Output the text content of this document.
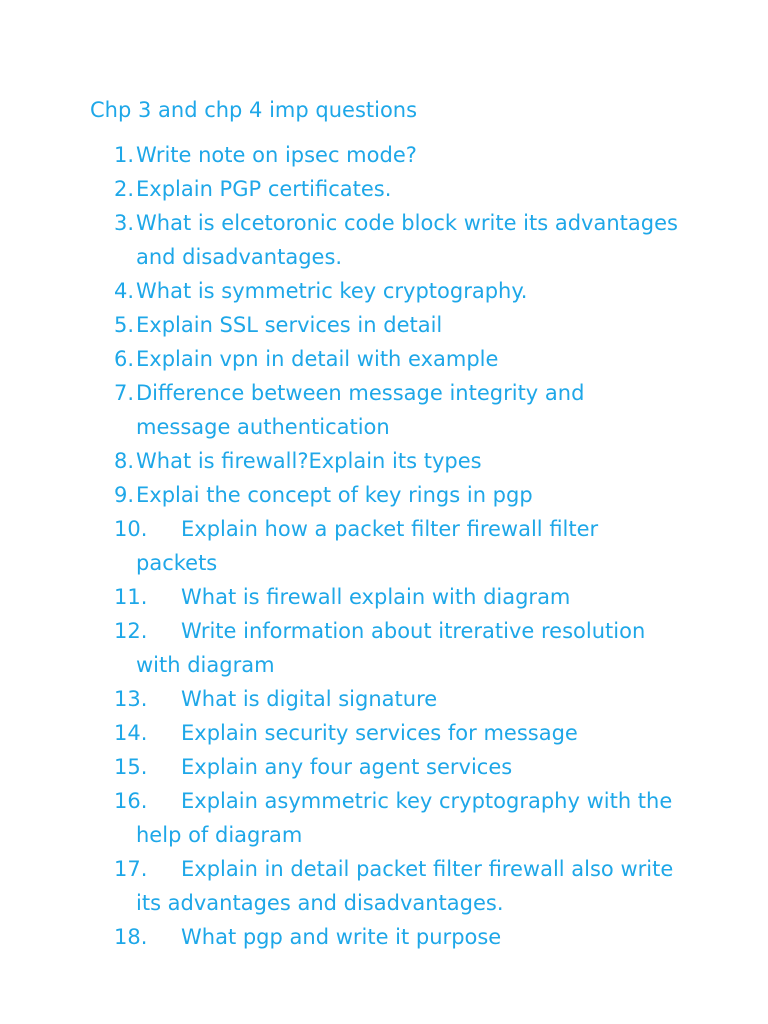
Chp 3 and chp 4 imp questions
1. Write note on ipsec mode?
2. Explain PGP certificates.
3. What is elcetoronic code block write its advantages and disadvantages.
4. What is symmetric key cryptography.
5. Explain SSL services in detail
6. Explain vpn in detail with example
7. Difference between message integrity and message authentication
8. What is firewall?Explain its types
9. Explai the concept of key rings in pgp
10.	Explain how a packet filter firewall filter packets
11.	What is firewall explain with diagram
12.	Write information about itrerative resolution with diagram
13.	What is digital signature
14.	Explain security services for message
15.	Explain any four agent services
16.	Explain asymmetric key cryptography with the help of diagram
17.	Explain in detail packet filter firewall also write its advantages and disadvantages.
18.	What pgp and write it purpose
